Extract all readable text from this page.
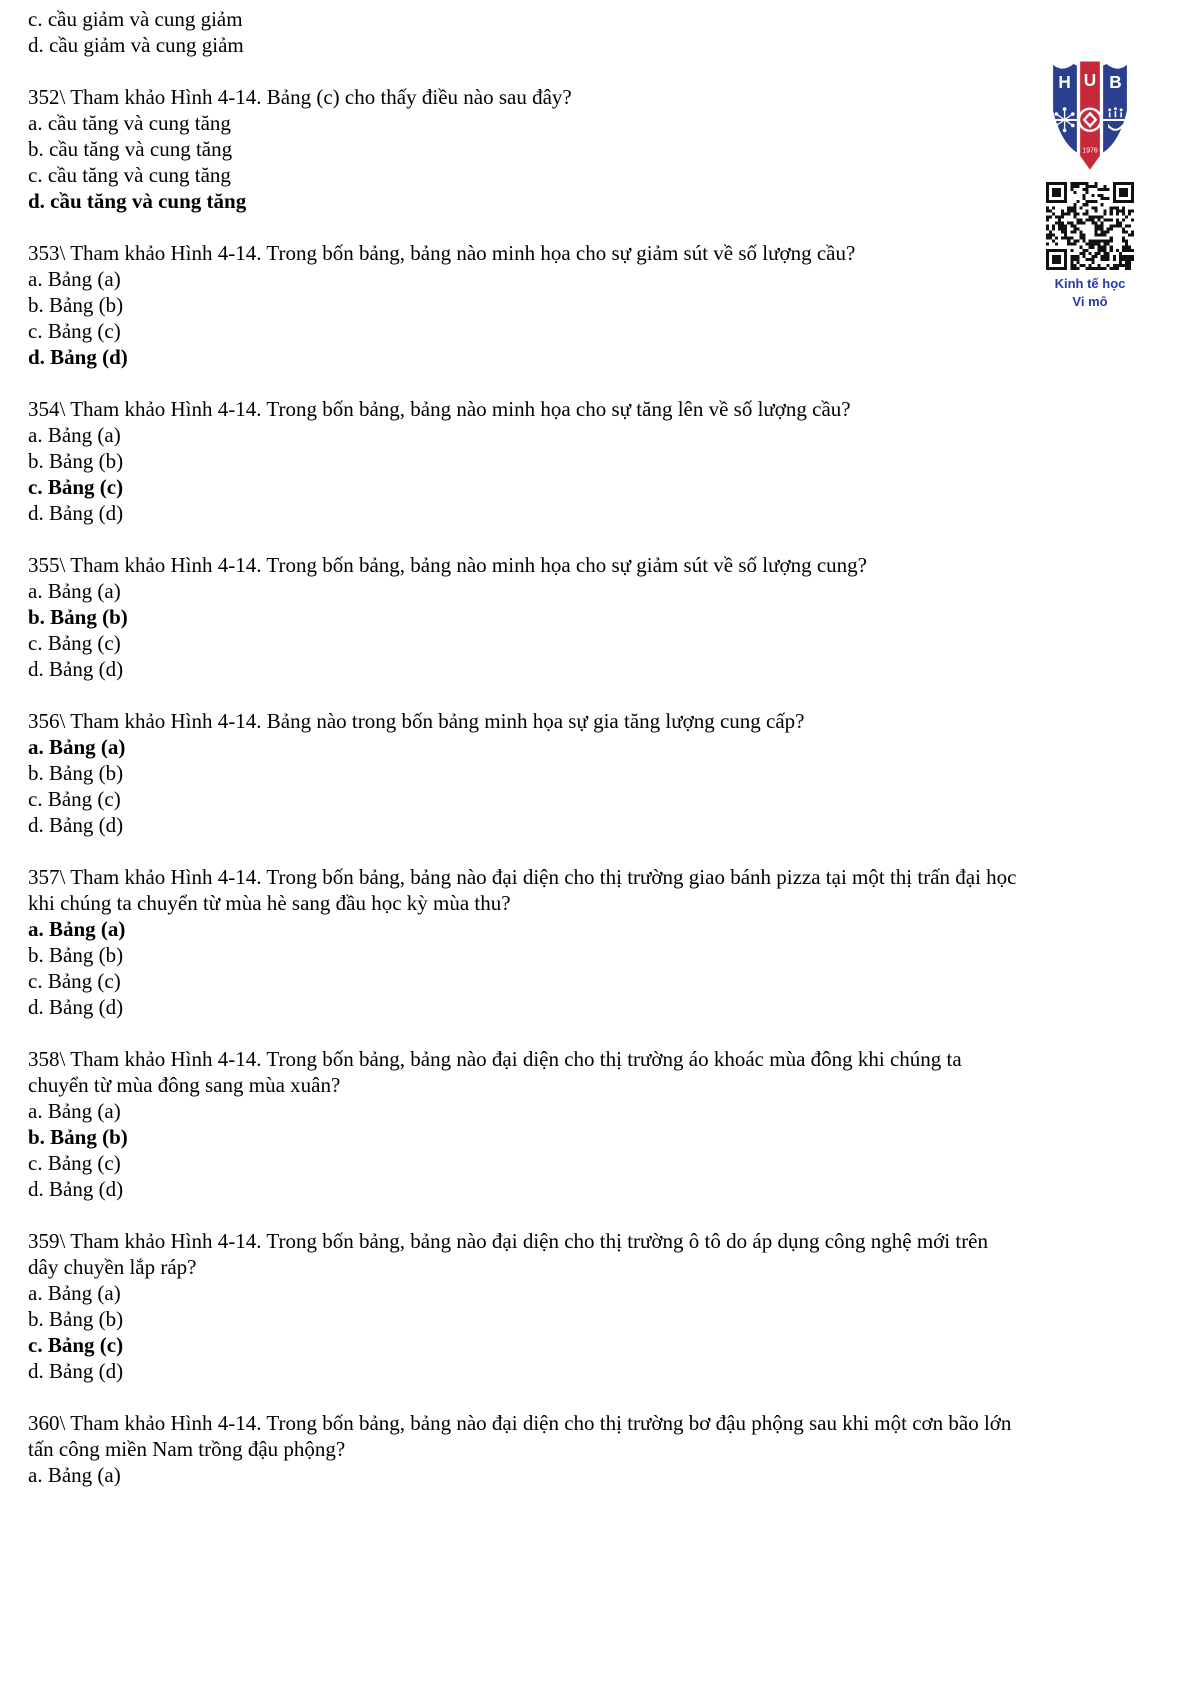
c. cầu giảm và cung giảm
d. cầu giảm và cung giảm
352\ Tham khảo Hình 4-14. Bảng (c) cho thấy điều nào sau đây?
a. cầu tăng và cung tăng
b. cầu tăng và cung tăng
c. cầu tăng và cung tăng
d. cầu tăng và cung tăng
353\ Tham khảo Hình 4-14. Trong bốn bảng, bảng nào minh họa cho sự giảm sút về số lượng cầu?
a. Bảng (a)
b. Bảng (b)
c. Bảng (c)
d. Bảng (d)
354\ Tham khảo Hình 4-14. Trong bốn bảng, bảng nào minh họa cho sự tăng lên về số lượng cầu?
a. Bảng (a)
b. Bảng (b)
c. Bảng (c)
d. Bảng (d)
355\ Tham khảo Hình 4-14. Trong bốn bảng, bảng nào minh họa cho sự giảm sút về số lượng cung?
a. Bảng (a)
b. Bảng (b)
c. Bảng (c)
d. Bảng (d)
356\ Tham khảo Hình 4-14. Bảng nào trong bốn bảng minh họa sự gia tăng lượng cung cấp?
a. Bảng (a)
b. Bảng (b)
c. Bảng (c)
d. Bảng (d)
357\ Tham khảo Hình 4-14. Trong bốn bảng, bảng nào đại diện cho thị trường giao bánh pizza tại một thị trấn đại học
khi chúng ta chuyển từ mùa hè sang đầu học kỳ mùa thu?
a. Bảng (a)
b. Bảng (b)
c. Bảng (c)
d. Bảng (d)
358\ Tham khảo Hình 4-14. Trong bốn bảng, bảng nào đại diện cho thị trường áo khoác mùa đông khi chúng ta
chuyển từ mùa đông sang mùa xuân?
a. Bảng (a)
b. Bảng (b)
c. Bảng (c)
d. Bảng (d)
359\ Tham khảo Hình 4-14. Trong bốn bảng, bảng nào đại diện cho thị trường ô tô do áp dụng công nghệ mới trên
dây chuyền lắp ráp?
a. Bảng (a)
b. Bảng (b)
c. Bảng (c)
d. Bảng (d)
360\ Tham khảo Hình 4-14. Trong bốn bảng, bảng nào đại diện cho thị trường bơ đậu phộng sau khi một cơn bão lớn
tấn công miền Nam trồng đậu phộng?
a. Bảng (a)
H U B
1976
Kinh tế học
Vi mô
